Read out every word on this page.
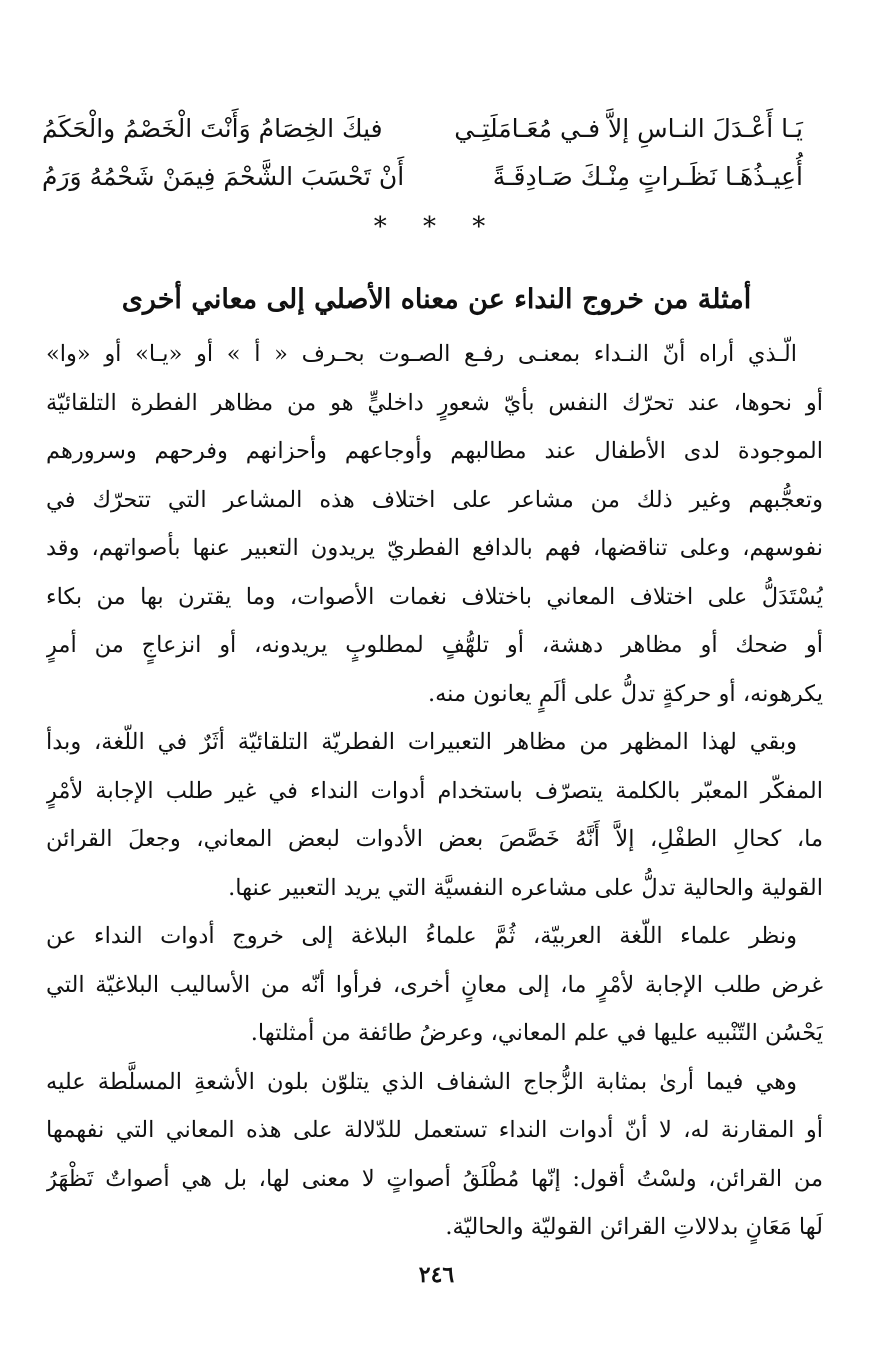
يَـا أَعْـدَلَ النـاسِ إلاَّ فـي مُعَـامَلَتِـي
فيكَ الخِصَامُ وَأَنْتَ الْخَصْمُ والْحَكَمُ
أُعِيـذُهَـا نَظَـراتٍ مِنْـكَ صَـادِقَـةً
أَنْ تَحْسَبَ الشَّحْمَ فِيمَنْ شَحْمُهُ وَرَمُ
* * *
أمثلة من خروج النداء عن معناه الأصلي إلى معاني أخرى

الّـذي أراه أنّ النـداء بمعنـى رفـع الصـوت بحـرف « أ » أو «يـا» أو «وا»
أو نحوها، عند تحرّك النفس بأيّ شعورٍ داخليٍّ هو من مظاهر الفطرة التلقائيّة
الموجودة لدى الأطفال عند مطالبهم وأوجاعهم وأحزانهم وفرحهم وسرورهم
وتعجُّبهم وغير ذلك من مشاعر على اختلاف هذه المشاعر التي تتحرّك في
نفوسهم، وعلى تناقضها، فهم بالدافع الفطريّ يريدون التعبير عنها بأصواتهم، وقد
يُسْتَدَلُّ على اختلاف المعاني باختلاف نغمات الأصوات، وما يقترن بها من بكاء
أو ضحك أو مظاهر دهشة، أو تلهُّفٍ لمطلوبٍ يريدونه، أو انزعاجٍ من أمرٍ
يكرهونه، أو حركةٍ تدلُّ على ألَمٍ يعانون منه.

وبقي لهذا المظهر من مظاهر التعبيرات الفطريّة التلقائيّة أثَرٌ في اللّغة، وبدأ
المفكّر المعبّر بالكلمة يتصرّف باستخدام أدوات النداء في غير طلب الإجابة لأمْرٍ
ما، كحالِ الطفْلِ، إلاَّ أَنَّهُ خَصَّصَ بعض الأدوات لبعض المعاني، وجعلَ القرائن
القولية والحالية تدلُّ على مشاعره النفسيَّة التي يريد التعبير عنها.

ونظر علماء اللّغة العربيّة، ثُمَّ علماءُ البلاغة إلى خروج أدوات النداء عن
غرض طلب الإجابة لأمْرٍ ما، إلى معانٍ أخرى، فرأوا أنّه من الأساليب البلاغيّة التي
يَحْسُن التّنْبيه عليها في علم المعاني، وعرضُ طائفة من أمثلتها.

وهي فيما أرىٰ بمثابة الزُّجاج الشفاف الذي يتلوّن بلون الأشعةِ المسلَّطة عليه
أو المقارنة له، لا أنّ أدوات النداء تستعمل للدّلالة على هذه المعاني التي نفهمها
من القرائن، ولسْتُ أقول: إنّها مُطْلَقُ أصواتٍ لا معنى لها، بل هي أصواتٌ تَظْهَرُ
لَها مَعَانٍ بدلالاتِ القرائن القوليّة والحاليّة.

٢٤٦
